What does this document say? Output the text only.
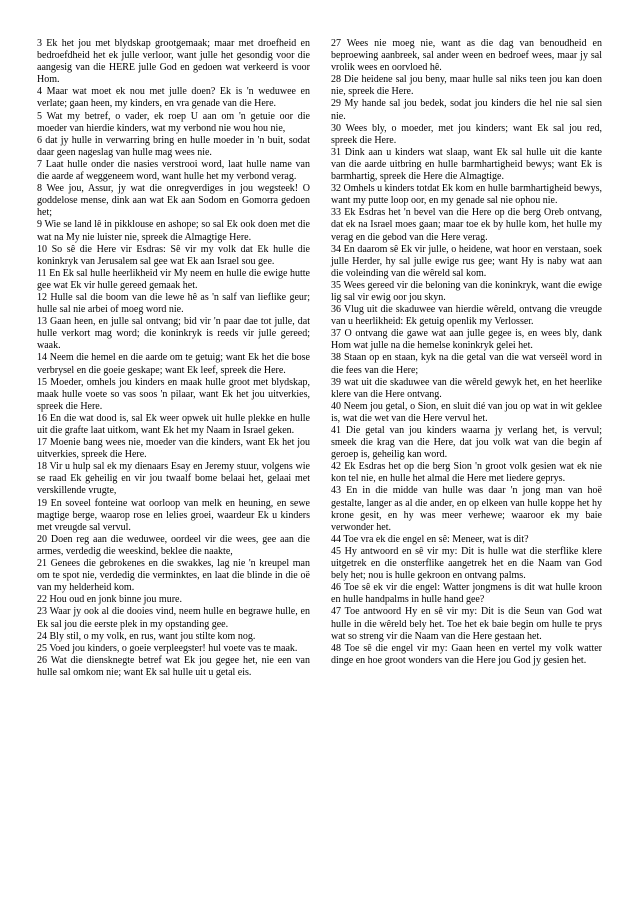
3 Ek het jou met blydskap grootgemaak; maar met droefheid en bedroefdheid het ek julle verloor, want julle het gesondig voor die aangesig van die HERE julle God en gedoen wat verkeerd is voor Hom.

4 Maar wat moet ek nou met julle doen? Ek is 'n weduwee en verlate; gaan heen, my kinders, en vra genade van die Here.

5 Wat my betref, o vader, ek roep U aan om 'n getuie oor die moeder van hierdie kinders, wat my verbond nie wou hou nie,

6 dat jy hulle in verwarring bring en hulle moeder in 'n buit, sodat daar geen nageslag van hulle mag wees nie.

7 Laat hulle onder die nasies verstrooi word, laat hulle name van die aarde af weggeneem word, want hulle het my verbond verag.

8 Wee jou, Assur, jy wat die onregverdiges in jou wegsteek! O goddelose mense, dink aan wat Ek aan Sodom en Gomorra gedoen het;

9 Wie se land lê in pikklouse en ashope; so sal Ek ook doen met die wat na My nie luister nie, spreek die Almagtige Here.

10 So sê die Here vir Esdras: Sê vir my volk dat Ek hulle die koninkryk van Jerusalem sal gee wat Ek aan Israel sou gee.

11 En Ek sal hulle heerlikheid vir My neem en hulle die ewige hutte gee wat Ek vir hulle gereed gemaak het.

12 Hulle sal die boom van die lewe hê as 'n salf van lieflike geur; hulle sal nie arbei of moeg word nie.

13 Gaan heen, en julle sal ontvang; bid vir 'n paar dae tot julle, dat hulle verkort mag word; die koninkryk is reeds vir julle gereed; waak.

14 Neem die hemel en die aarde om te getuig; want Ek het die bose verbrysel en die goeie geskape; want Ek leef, spreek die Here.

15 Moeder, omhels jou kinders en maak hulle groot met blydskap, maak hulle voete so vas soos 'n pilaar, want Ek het jou uitverkies, spreek die Here.

16 En die wat dood is, sal Ek weer opwek uit hulle plekke en hulle uit die grafte laat uitkom, want Ek het my Naam in Israel geken.

17 Moenie bang wees nie, moeder van die kinders, want Ek het jou uitverkies, spreek die Here.

18 Vir u hulp sal ek my dienaars Esay en Jeremy stuur, volgens wie se raad Ek geheilig en vir jou twaalf bome belaai het, gelaai met verskillende vrugte,

19 En soveel fonteine wat oorloop van melk en heuning, en sewe magtige berge, waarop rose en lelies groei, waardeur Ek u kinders met vreugde sal vervul.

20 Doen reg aan die weduwee, oordeel vir die wees, gee aan die armes, verdedig die weeskind, beklee die naakte,

21 Genees die gebrokenes en die swakkes, lag nie 'n kreupel man om te spot nie, verdedig die verminktes, en laat die blinde in die oë van my helderheid kom.

22 Hou oud en jonk binne jou mure.

23 Waar jy ook al die dooies vind, neem hulle en begrawe hulle, en Ek sal jou die eerste plek in my opstanding gee.

24 Bly stil, o my volk, en rus, want jou stilte kom nog.

25 Voed jou kinders, o goeie verpleegster! hul voete vas te maak.

26 Wat die diensknegte betref wat Ek jou gegee het, nie een van hulle sal omkom nie; want Ek sal hulle uit u getal eis.

27 Wees nie moeg nie, want as die dag van benoudheid en beproewing aanbreek, sal ander ween en bedroef wees, maar jy sal vrolik wees en oorvloed hê.

28 Die heidene sal jou beny, maar hulle sal niks teen jou kan doen nie, spreek die Here.

29 My hande sal jou bedek, sodat jou kinders die hel nie sal sien nie.

30 Wees bly, o moeder, met jou kinders; want Ek sal jou red, spreek die Here.

31 Dink aan u kinders wat slaap, want Ek sal hulle uit die kante van die aarde uitbring en hulle barmhartigheid bewys; want Ek is barmhartig, spreek die Here die Almagtige.

32 Omhels u kinders totdat Ek kom en hulle barmhartigheid bewys, want my putte loop oor, en my genade sal nie ophou nie.

33 Ek Esdras het 'n bevel van die Here op die berg Oreb ontvang, dat ek na Israel moes gaan; maar toe ek by hulle kom, het hulle my verag en die gebod van die Here verag.

34 En daarom sê Ek vir julle, o heidene, wat hoor en verstaan, soek julle Herder, hy sal julle ewige rus gee; want Hy is naby wat aan die voleinding van die wêreld sal kom.

35 Wees gereed vir die beloning van die koninkryk, want die ewige lig sal vir ewig oor jou skyn.

36 Vlug uit die skaduwee van hierdie wêreld, ontvang die vreugde van u heerlikheid: Ek getuig openlik my Verlosser.

37 O ontvang die gawe wat aan julle gegee is, en wees bly, dank Hom wat julle na die hemelse koninkryk gelei het.

38 Staan op en staan, kyk na die getal van die wat verseël word in die fees van die Here;

39 wat uit die skaduwee van die wêreld gewyk het, en het heerlike klere van die Here ontvang.

40 Neem jou getal, o Sion, en sluit dié van jou op wat in wit geklee is, wat die wet van die Here vervul het.

41 Die getal van jou kinders waarna jy verlang het, is vervul; smeek die krag van die Here, dat jou volk wat van die begin af geroep is, geheilig kan word.

42 Ek Esdras het op die berg Sion 'n groot volk gesien wat ek nie kon tel nie, en hulle het almal die Here met liedere geprys.

43 En in die midde van hulle was daar 'n jong man van hoë gestalte, langer as al die ander, en op elkeen van hulle koppe het hy krone gesit, en hy was meer verhewe; waaroor ek my baie verwonder het.

44 Toe vra ek die engel en sê: Meneer, wat is dit?

45 Hy antwoord en sê vir my: Dit is hulle wat die sterflike klere uitgetrek en die onsterflike aangetrek het en die Naam van God bely het; nou is hulle gekroon en ontvang palms.

46 Toe sê ek vir die engel: Watter jongmens is dit wat hulle kroon en hulle handpalms in hulle hand gee?

47 Toe antwoord Hy en sê vir my: Dit is die Seun van God wat hulle in die wêreld bely het. Toe het ek baie begin om hulle te prys wat so streng vir die Naam van die Here gestaan het.

48 Toe sê die engel vir my: Gaan heen en vertel my volk watter dinge en hoe groot wonders van die Here jou God jy gesien het.
